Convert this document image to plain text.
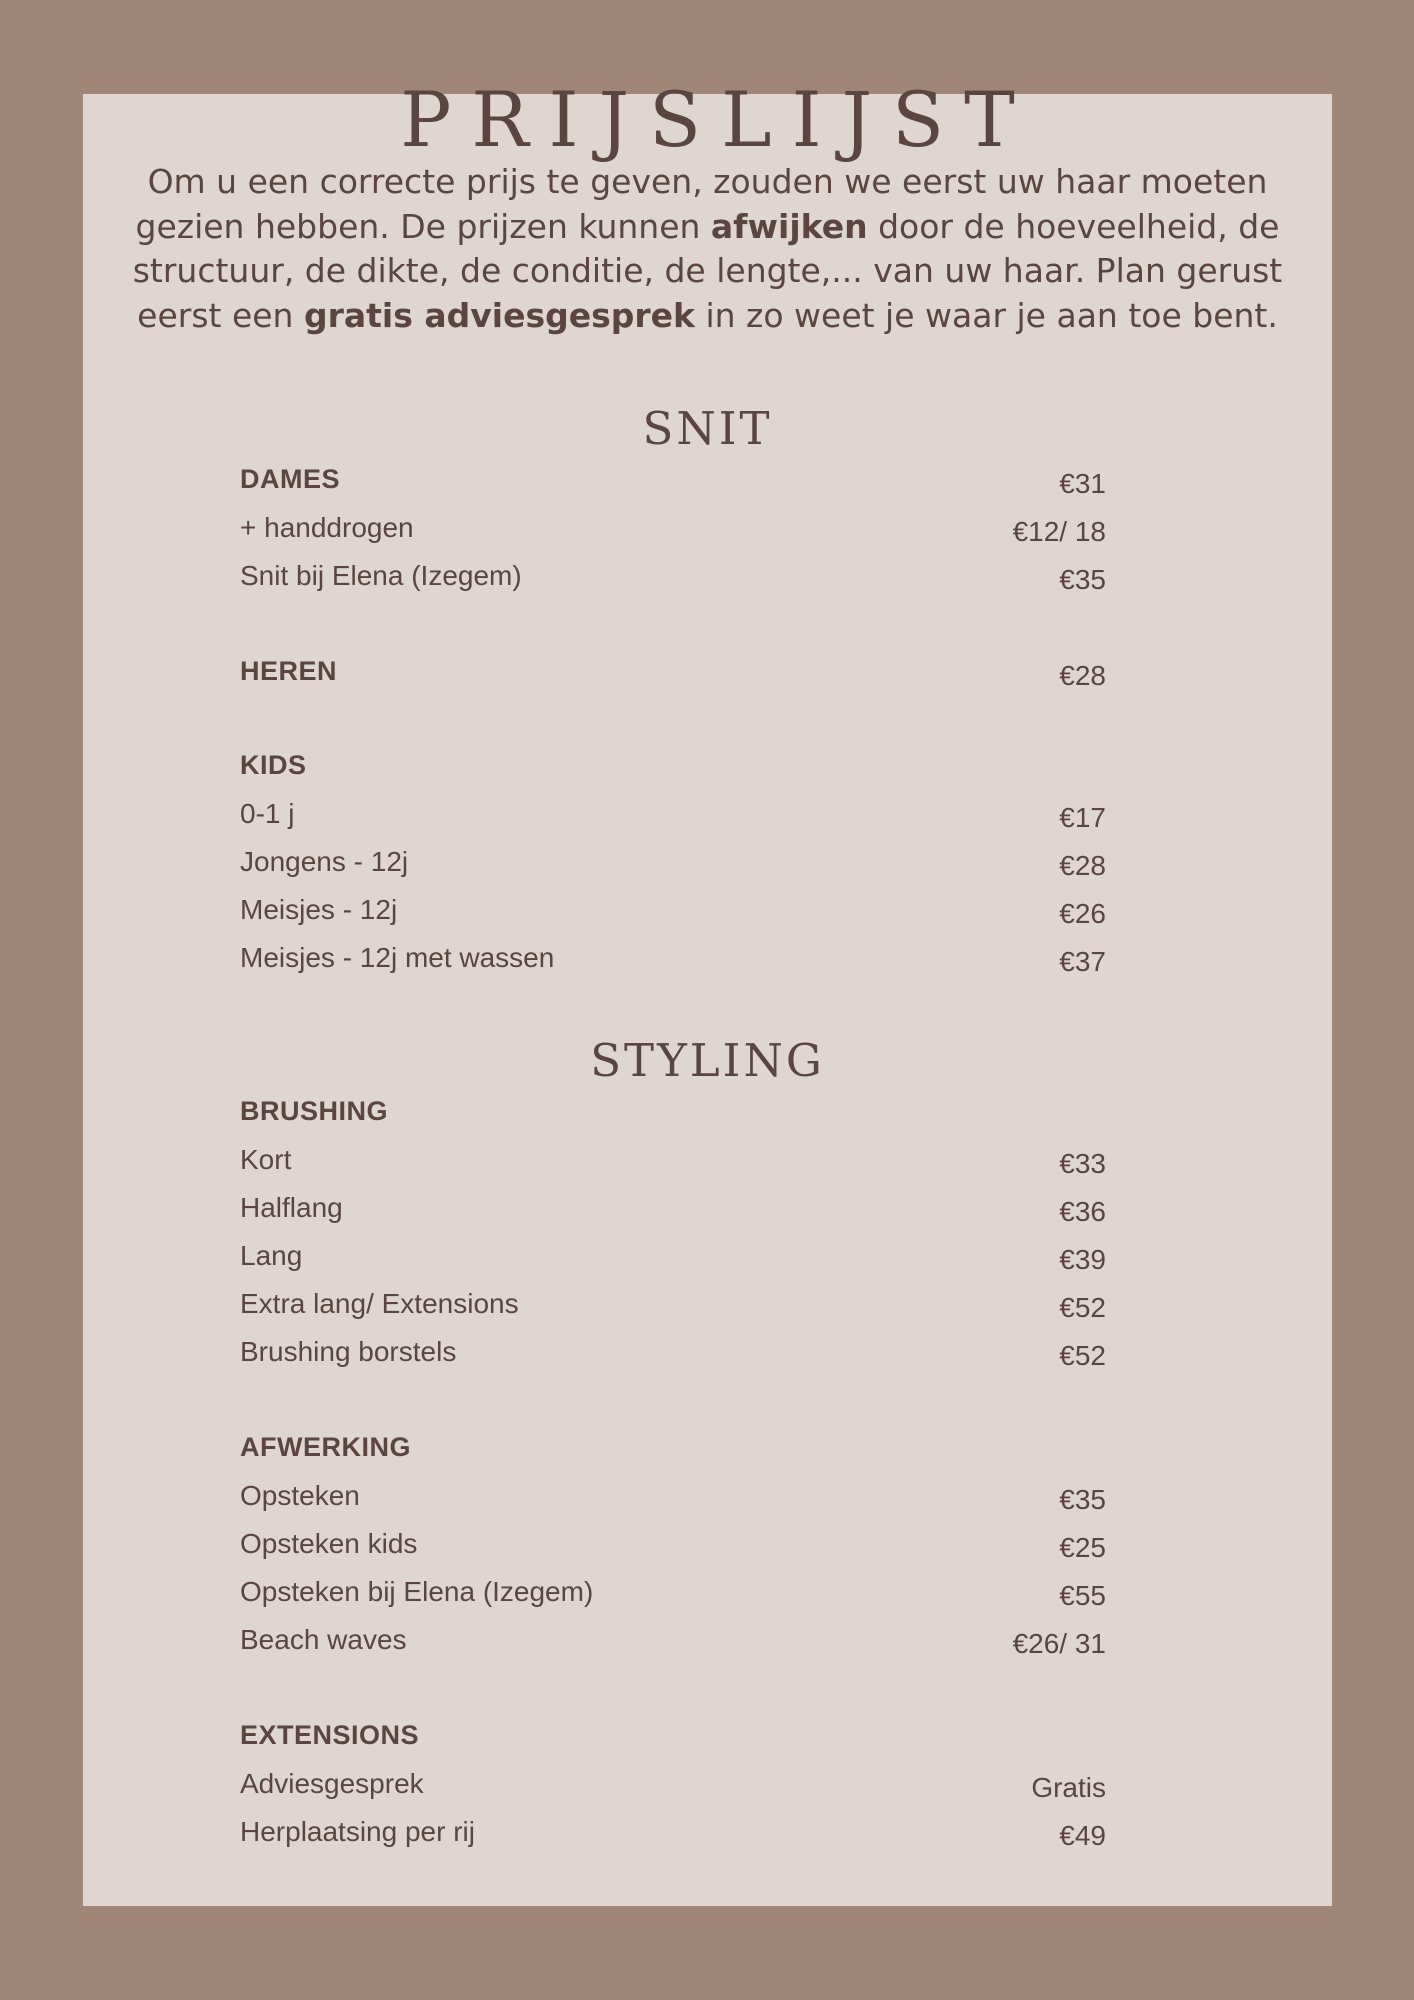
PRIJSLIJST
Om u een correcte prijs te geven, zouden we eerst uw haar moeten gezien hebben. De prijzen kunnen afwijken door de hoeveelheid, de structuur, de dikte, de conditie, de lengte,... van uw haar. Plan gerust eerst een gratis adviesgesprek in zo weet je waar je aan toe bent.
SNIT
DAMES	€31
+ handdrogen	€12/ 18
Snit bij Elena (Izegem)	€35
HEREN	€28
KIDS
0-1 j	€17
Jongens - 12j	€28
Meisjes - 12j	€26
Meisjes - 12j met wassen	€37
STYLING
BRUSHING
Kort	€33
Halflang	€36
Lang	€39
Extra lang/ Extensions	€52
Brushing borstels	€52
AFWERKING
Opsteken	€35
Opsteken kids	€25
Opsteken bij Elena (Izegem)	€55
Beach waves	€26/ 31
EXTENSIONS
Adviesgesprek	Gratis
Herplaatsing per rij	€49
